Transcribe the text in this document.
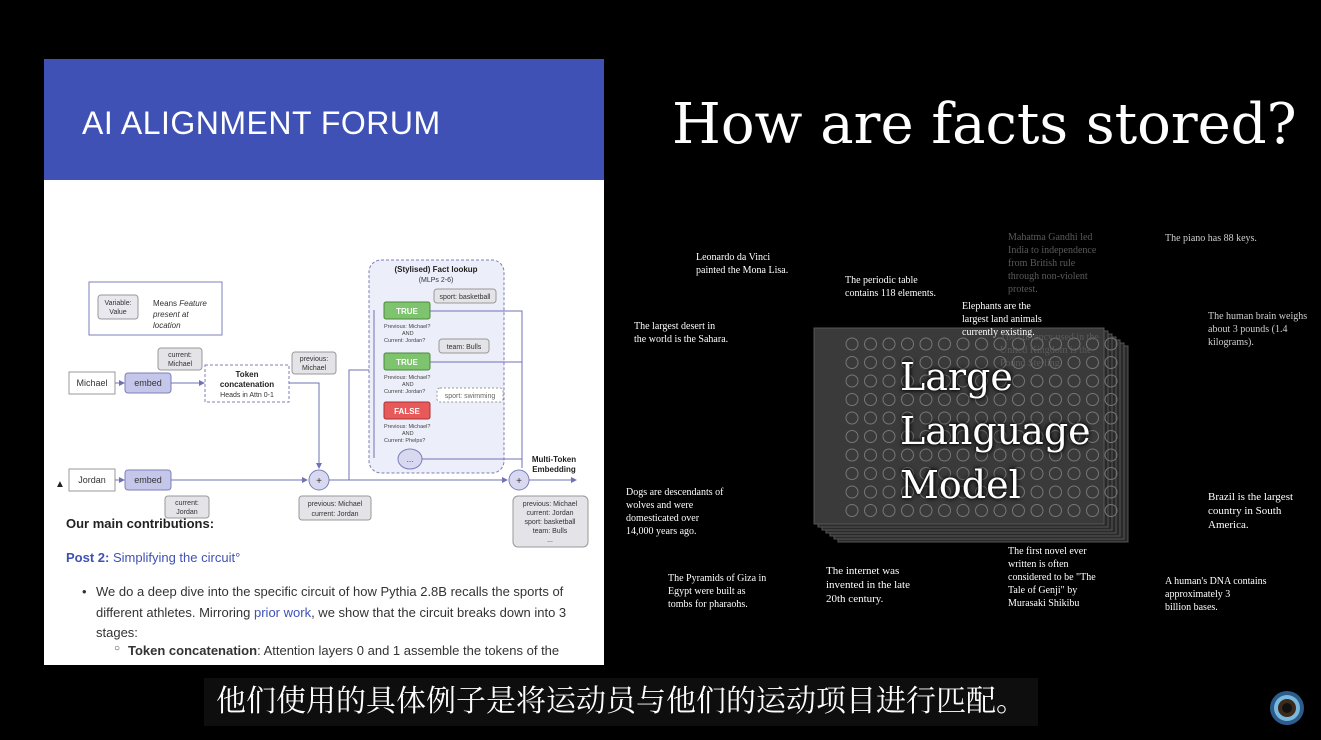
AI ALIGNMENT FORUM
Variable:
Value
Means Feature
present at
location
Michael	embed
current:
Michael
Token
concatenation
Heads in Attn 0-1
previous:
Michael
Jordan	embed	+
current:
Jordan
previous: Michael
current: Jordan
(Stylised) Fact lookup
(MLPs 2-6)
TRUE
sport: basketball
Previous: Michael?
AND
Current: Jordan?
TRUE
team: Bulls
Previous: Michael?
AND
Current: Jordan?
FALSE
sport: swimming
Previous: Michael?
AND
Current: Phelps?
...
+
Multi-Token
Embedding
previous: Michael
current: Jordan
sport: basketball
team: Bulls
...
▲
Our main contributions:
Post 2: Simplifying the circuit°
• We do a deep dive into the specific circuit of how Pythia 2.8B recalls the sports of different athletes. Mirroring prior work, we show that the circuit breaks down into 3 stages:
○ Token concatenation: Attention layers 0 and 1 assemble the tokens of the
How are facts stored?
Leonardo da Vinci
painted the Mona Lisa.
The periodic table
contains 118 elements.
Mahatma Gandhi led
India to independence
from British rule
through non-violent
protest.
The piano has 88 keys.
Elephants are the
largest land animals
currently existing.
The currency used in the
United Kingdom is the
Pound Sterling.
The largest desert in
the world is the Sahara.
The human brain weighs
about 3 pounds (1.4
kilograms).
Dogs are descendants of
wolves and were
domesticated over
14,000 years ago.
Brazil is the largest
country in South
America.
The Pyramids of Giza in
Egypt were built as
tombs for pharaohs.
The internet was
invented in the late
20th century.
The first novel ever
written is often
considered to be "The
Tale of Genji" by
Murasaki Shikibu
A human's DNA contains
approximately 3
billion bases.
Large
Language
Model
他们使用的具体例子是将运动员与他们的运动项目进行匹配。
